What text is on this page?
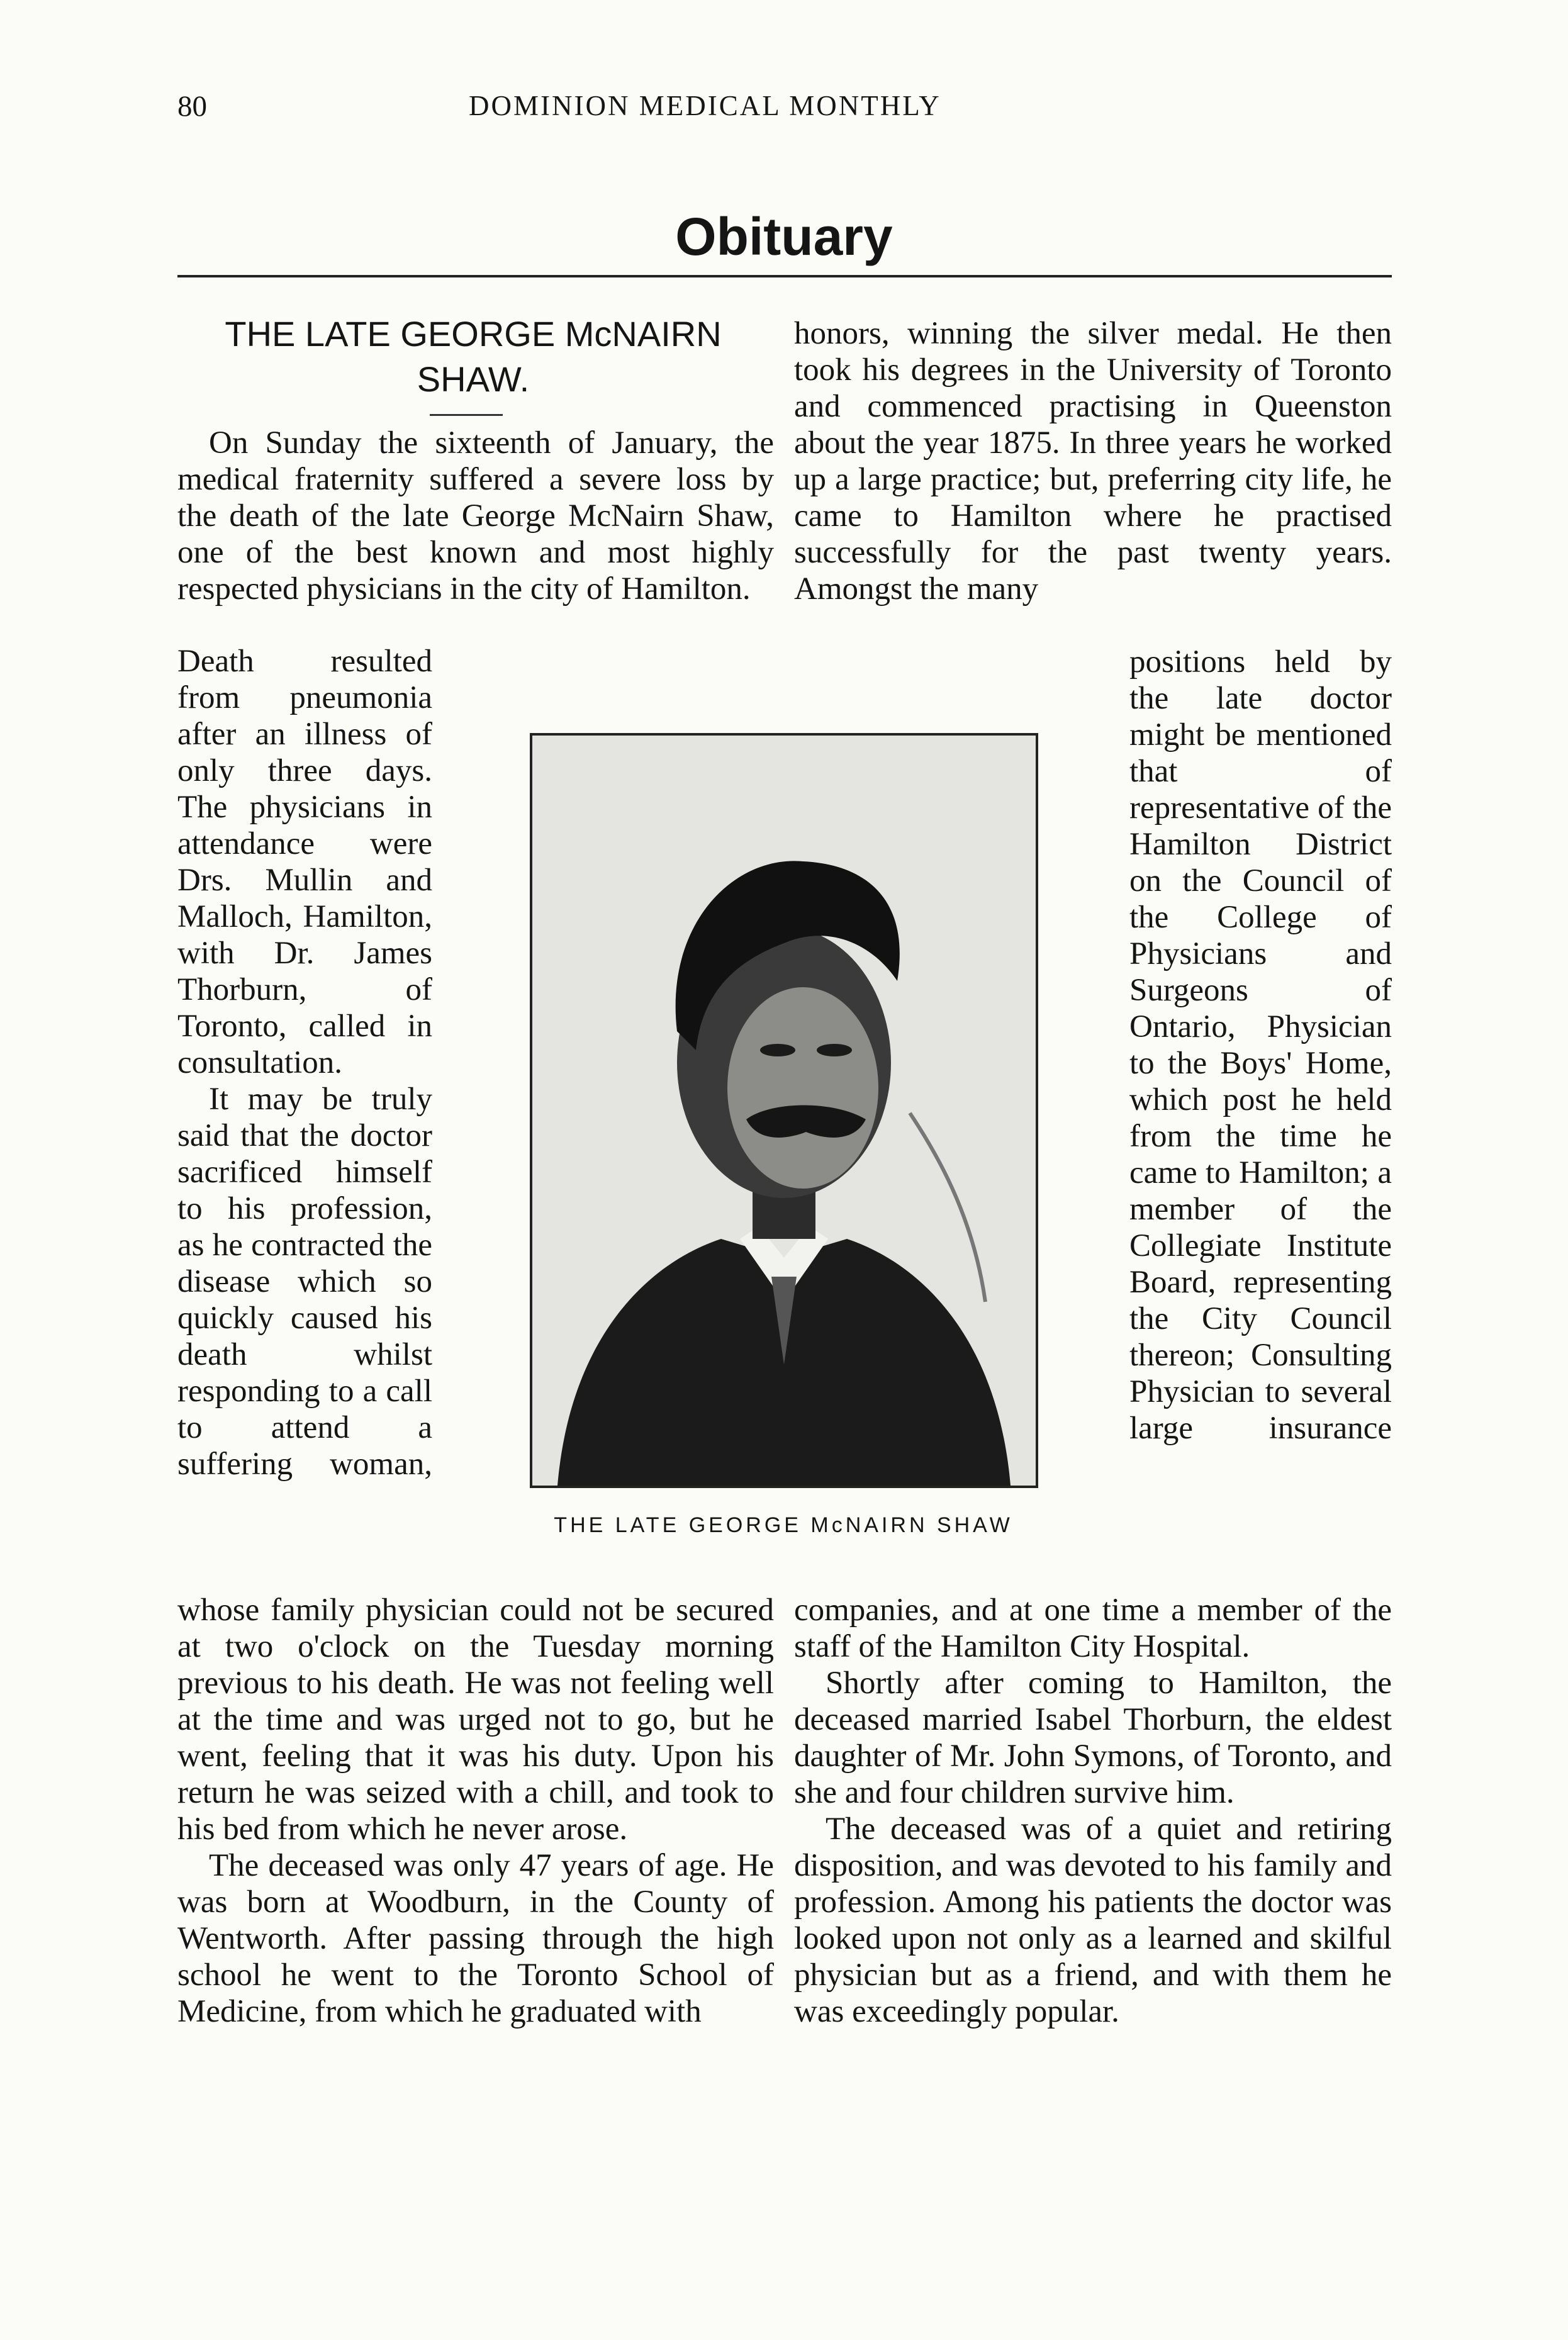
80	DOMINION MEDICAL MONTHLY
Obituary
THE LATE GEORGE McNAIRN SHAW.

On Sunday the sixteenth of January, the medical fraternity suffered a severe loss by the death of the late George McNairn Shaw, one of the best known and most highly respected physicians in the city of Hamilton.

Death resulted from pneumonia after an illness of only three days. The physicians in attendance were Drs. Mullin and Malloch, Hamilton, with Dr. James Thorburn, of Toronto, called in consultation.

It may be truly said that the doctor sacrificed himself to his profession, as he contracted the disease which so quickly caused his death whilst responding to a call to attend a suffering woman,

whose family physician could not be secured at two o'clock on the Tuesday morning previous to his death. He was not feeling well at the time and was urged not to go, but he went, feeling that it was his duty. Upon his return he was seized with a chill, and took to his bed from which he never arose.

The deceased was only 47 years of age. He was born at Woodburn, in the County of Wentworth. After passing through the high school he went to the Toronto School of Medicine, from which he graduated with

honors, winning the silver medal. He then took his degrees in the University of Toronto and commenced practising in Queenston about the year 1875. In three years he worked up a large practice; but, preferring city life, he came to Hamilton where he practised successfully for the past twenty years. Amongst the many

positions held by the late doctor might be mentioned that of representative of the Hamilton District on the Council of the College of Physicians and Surgeons of Ontario, Physician to the Boys' Home, which post he held from the time he came to Hamilton; a member of the Collegiate Institute Board, representing the City Council thereon; Consulting Physician to several large insurance

companies, and at one time a member of the staff of the Hamilton City Hospital.

Shortly after coming to Hamilton, the deceased married Isabel Thorburn, the eldest daughter of Mr. John Symons, of Toronto, and she and four children survive him.

The deceased was of a quiet and retiring disposition, and was devoted to his family and profession. Among his patients the doctor was looked upon not only as a learned and skilful physician but as a friend, and with them he was exceedingly popular.

THE LATE GEORGE McNAIRN SHAW
